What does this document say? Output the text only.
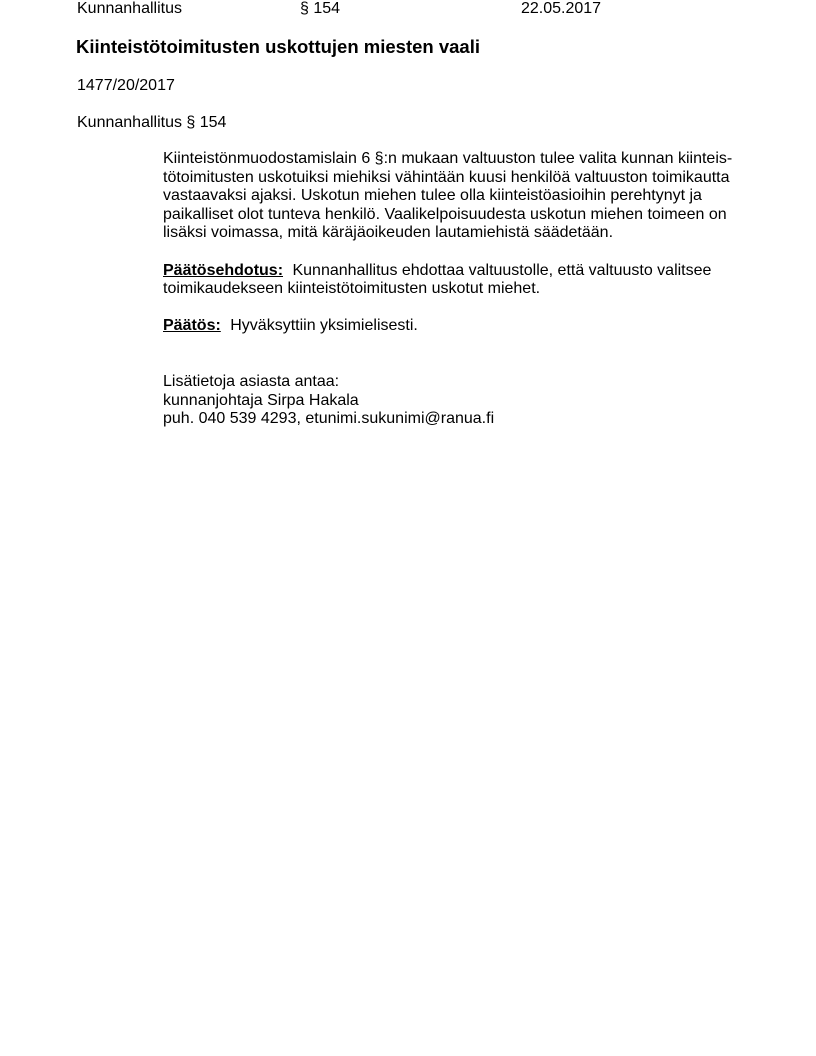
Kunnanhallitus	§ 154	22.05.2017
Kiinteistötoimitusten uskottujen miesten vaali
1477/20/2017
Kunnanhallitus § 154

Kiinteistönmuodostamislain 6 §:n mukaan valtuuston tulee valita kunnan kiinteis-
tötoimitusten uskotuiksi miehiksi vähintään kuusi henkilöä valtuuston toimikautta
vastaavaksi ajaksi. Uskotun miehen tulee olla kiinteistöasioihin perehtynyt ja
paikalliset olot tunteva henkilö. Vaalikelpoisuudesta uskotun miehen toimeen on
lisäksi voimassa, mitä käräjäoikeuden lautamiehistä säädetään.

Päätösehdotus: Kunnanhallitus ehdottaa valtuustolle, että valtuusto valitsee
toimikaudekseen kiinteistötoimitusten uskotut miehet.

Päätös: Hyväksyttiin yksimielisesti.

Lisätietoja asiasta antaa:
kunnanjohtaja Sirpa Hakala
puh. 040 539 4293, etunimi.sukunimi@ranua.fi
